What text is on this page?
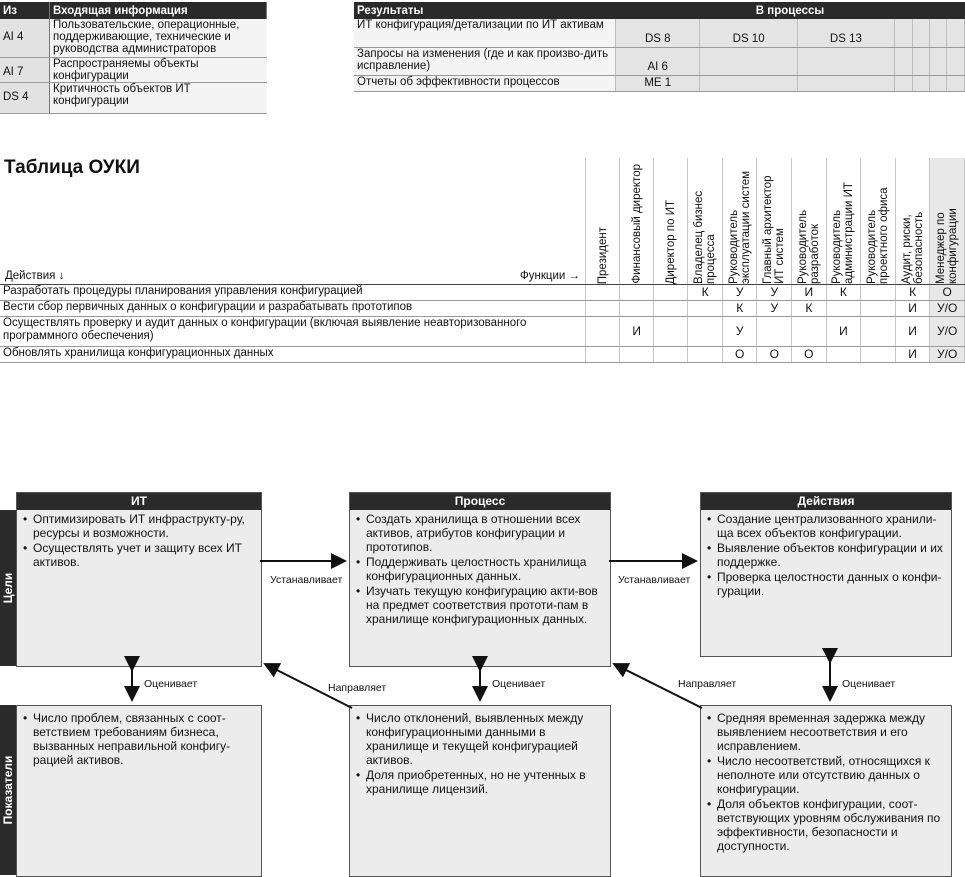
Из	Входящая информация
AI 4	Пользовательские, операционные, поддерживающие, технические и руководства администраторов
AI 7	Распространяемы объекты конфигурации
DS 4	Критичность объектов ИТ конфигурации
Результаты	В процессы						
ИТ конфигурация/детализации по ИТ активам	DS 8	DS 10	DS 13				
Запросы на изменения (где и как произво-дить исправление)	AI 6						
Отчеты об эффективности процессов	ME 1						
Таблица ОУКИ
Действия ↓ Функции →	Президент	Финансовый директор	Директор по ИТ	Владелец бизнес процесса	Руководитель эксплуатации систем	Главный архитектор ИТ систем	Руководитель разработок	Руководитель администрации ИТ	Руководитель проектного офиса	Аудит, риски, безопасность	Менеджер по конфигурации

Разработать процедуры планирования управления конфигурацией				К	У	У	И	К		К	О
Вести сбор первичных данных о конфигурации и разрабатывать прототипов					К	У	К			И	У/О
Осуществлять проверку и аудит данных о конфигурации (включая выявление неавторизованного программного обеспечения)		И			У			И		И	У/О
Обновлять хранилища конфигурационных данных					О	О	О			И	У/О
Цели
Показатели
ИТ
• Оптимизировать ИТ инфраструкту-ру, ресурсы и возможности.
• Осуществлять учет и защиту всех ИТ активов.
Процесс
• Создать хранилища в отношении всех активов, атрибутов конфигурации и прототипов.
• Поддерживать целостность хранилища конфигурационных данных.
• Изучать текущую конфигурацию акти-вов на предмет соответствия прототи-пам в хранилище конфигурационных данных.
Действия
• Создание централизованного хранили-ща всех объектов конфигурации.
• Выявление объектов конфигурации и их поддержке.
• Проверка целостности данных о конфи-гурации.
• Число проблем, связанных с соот-ветствием требованиям бизнеса, вызванных неправильной конфигу-рацией активов.
• Число отклонений, выявленных между конфигурационными данными в хранилище и текущей конфигурацией активов.
• Доля приобретенных, но не учтенных в хранилище лицензий.
• Средняя временная задержка между выявлением несоответствия и его исправлением.
• Число несоответствий, относящихся к неполноте или отсутствию данных о конфигурации.
• Доля объектов конфигурации, соот-ветствующих уровням обслуживания по эффективности, безопасности и доступности.
Устанавливает	Устанавливает
Оценивает	Оценивает	Оценивает
Направляет	Направляет
